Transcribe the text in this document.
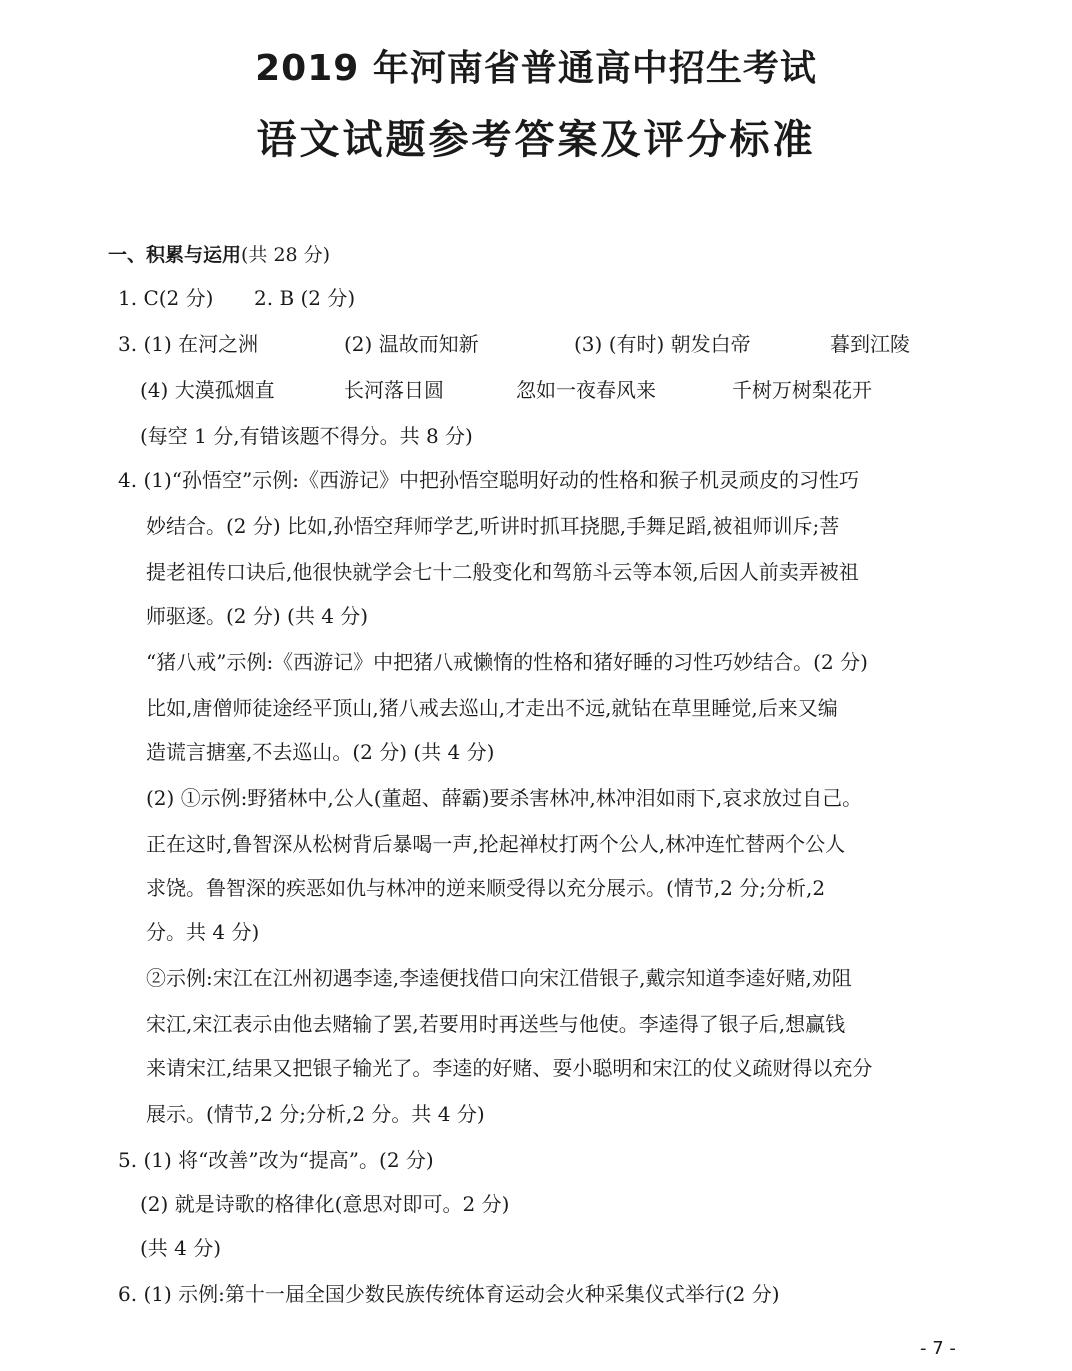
2019 年河南省普通高中招生考试
语文试题参考答案及评分标准
一、积累与运用(共 28 分)
1. C(2 分) 2. B (2 分)
3. (1) 在河之洲	(2) 温故而知新	(3) (有时) 朝发白帝	暮到江陵
(4) 大漠孤烟直	长河落日圆	忽如一夜春风来	千树万树梨花开
(每空 1 分,有错该题不得分。共 8 分)
4. (1)“孙悟空”示例:《西游记》中把孙悟空聪明好动的性格和猴子机灵顽皮的习性巧
妙结合。(2 分) 比如,孙悟空拜师学艺,听讲时抓耳挠腮,手舞足蹈,被祖师训斥;菩
提老祖传口诀后,他很快就学会七十二般变化和驾筋斗云等本领,后因人前卖弄被祖
师驱逐。(2 分) (共 4 分)
“猪八戒”示例:《西游记》中把猪八戒懒惰的性格和猪好睡的习性巧妙结合。(2 分)
比如,唐僧师徒途经平顶山,猪八戒去巡山,才走出不远,就钻在草里睡觉,后来又编
造谎言搪塞,不去巡山。(2 分) (共 4 分)
(2) ①示例:野猪林中,公人(董超、薛霸)要杀害林冲,林冲泪如雨下,哀求放过自己。
正在这时,鲁智深从松树背后暴喝一声,抡起禅杖打两个公人,林冲连忙替两个公人
求饶。鲁智深的疾恶如仇与林冲的逆来顺受得以充分展示。(情节,2 分;分析,2
分。共 4 分)
②示例:宋江在江州初遇李逵,李逵便找借口向宋江借银子,戴宗知道李逵好赌,劝阻
宋江,宋江表示由他去赌输了罢,若要用时再送些与他使。李逵得了银子后,想赢钱
来请宋江,结果又把银子输光了。李逵的好赌、耍小聪明和宋江的仗义疏财得以充分
展示。(情节,2 分;分析,2 分。共 4 分)
5. (1) 将“改善”改为“提高”。(2 分)
(2) 就是诗歌的格律化(意思对即可。2 分)
(共 4 分)
6. (1) 示例:第十一届全国少数民族传统体育运动会火种采集仪式举行(2 分)
- 7 -
